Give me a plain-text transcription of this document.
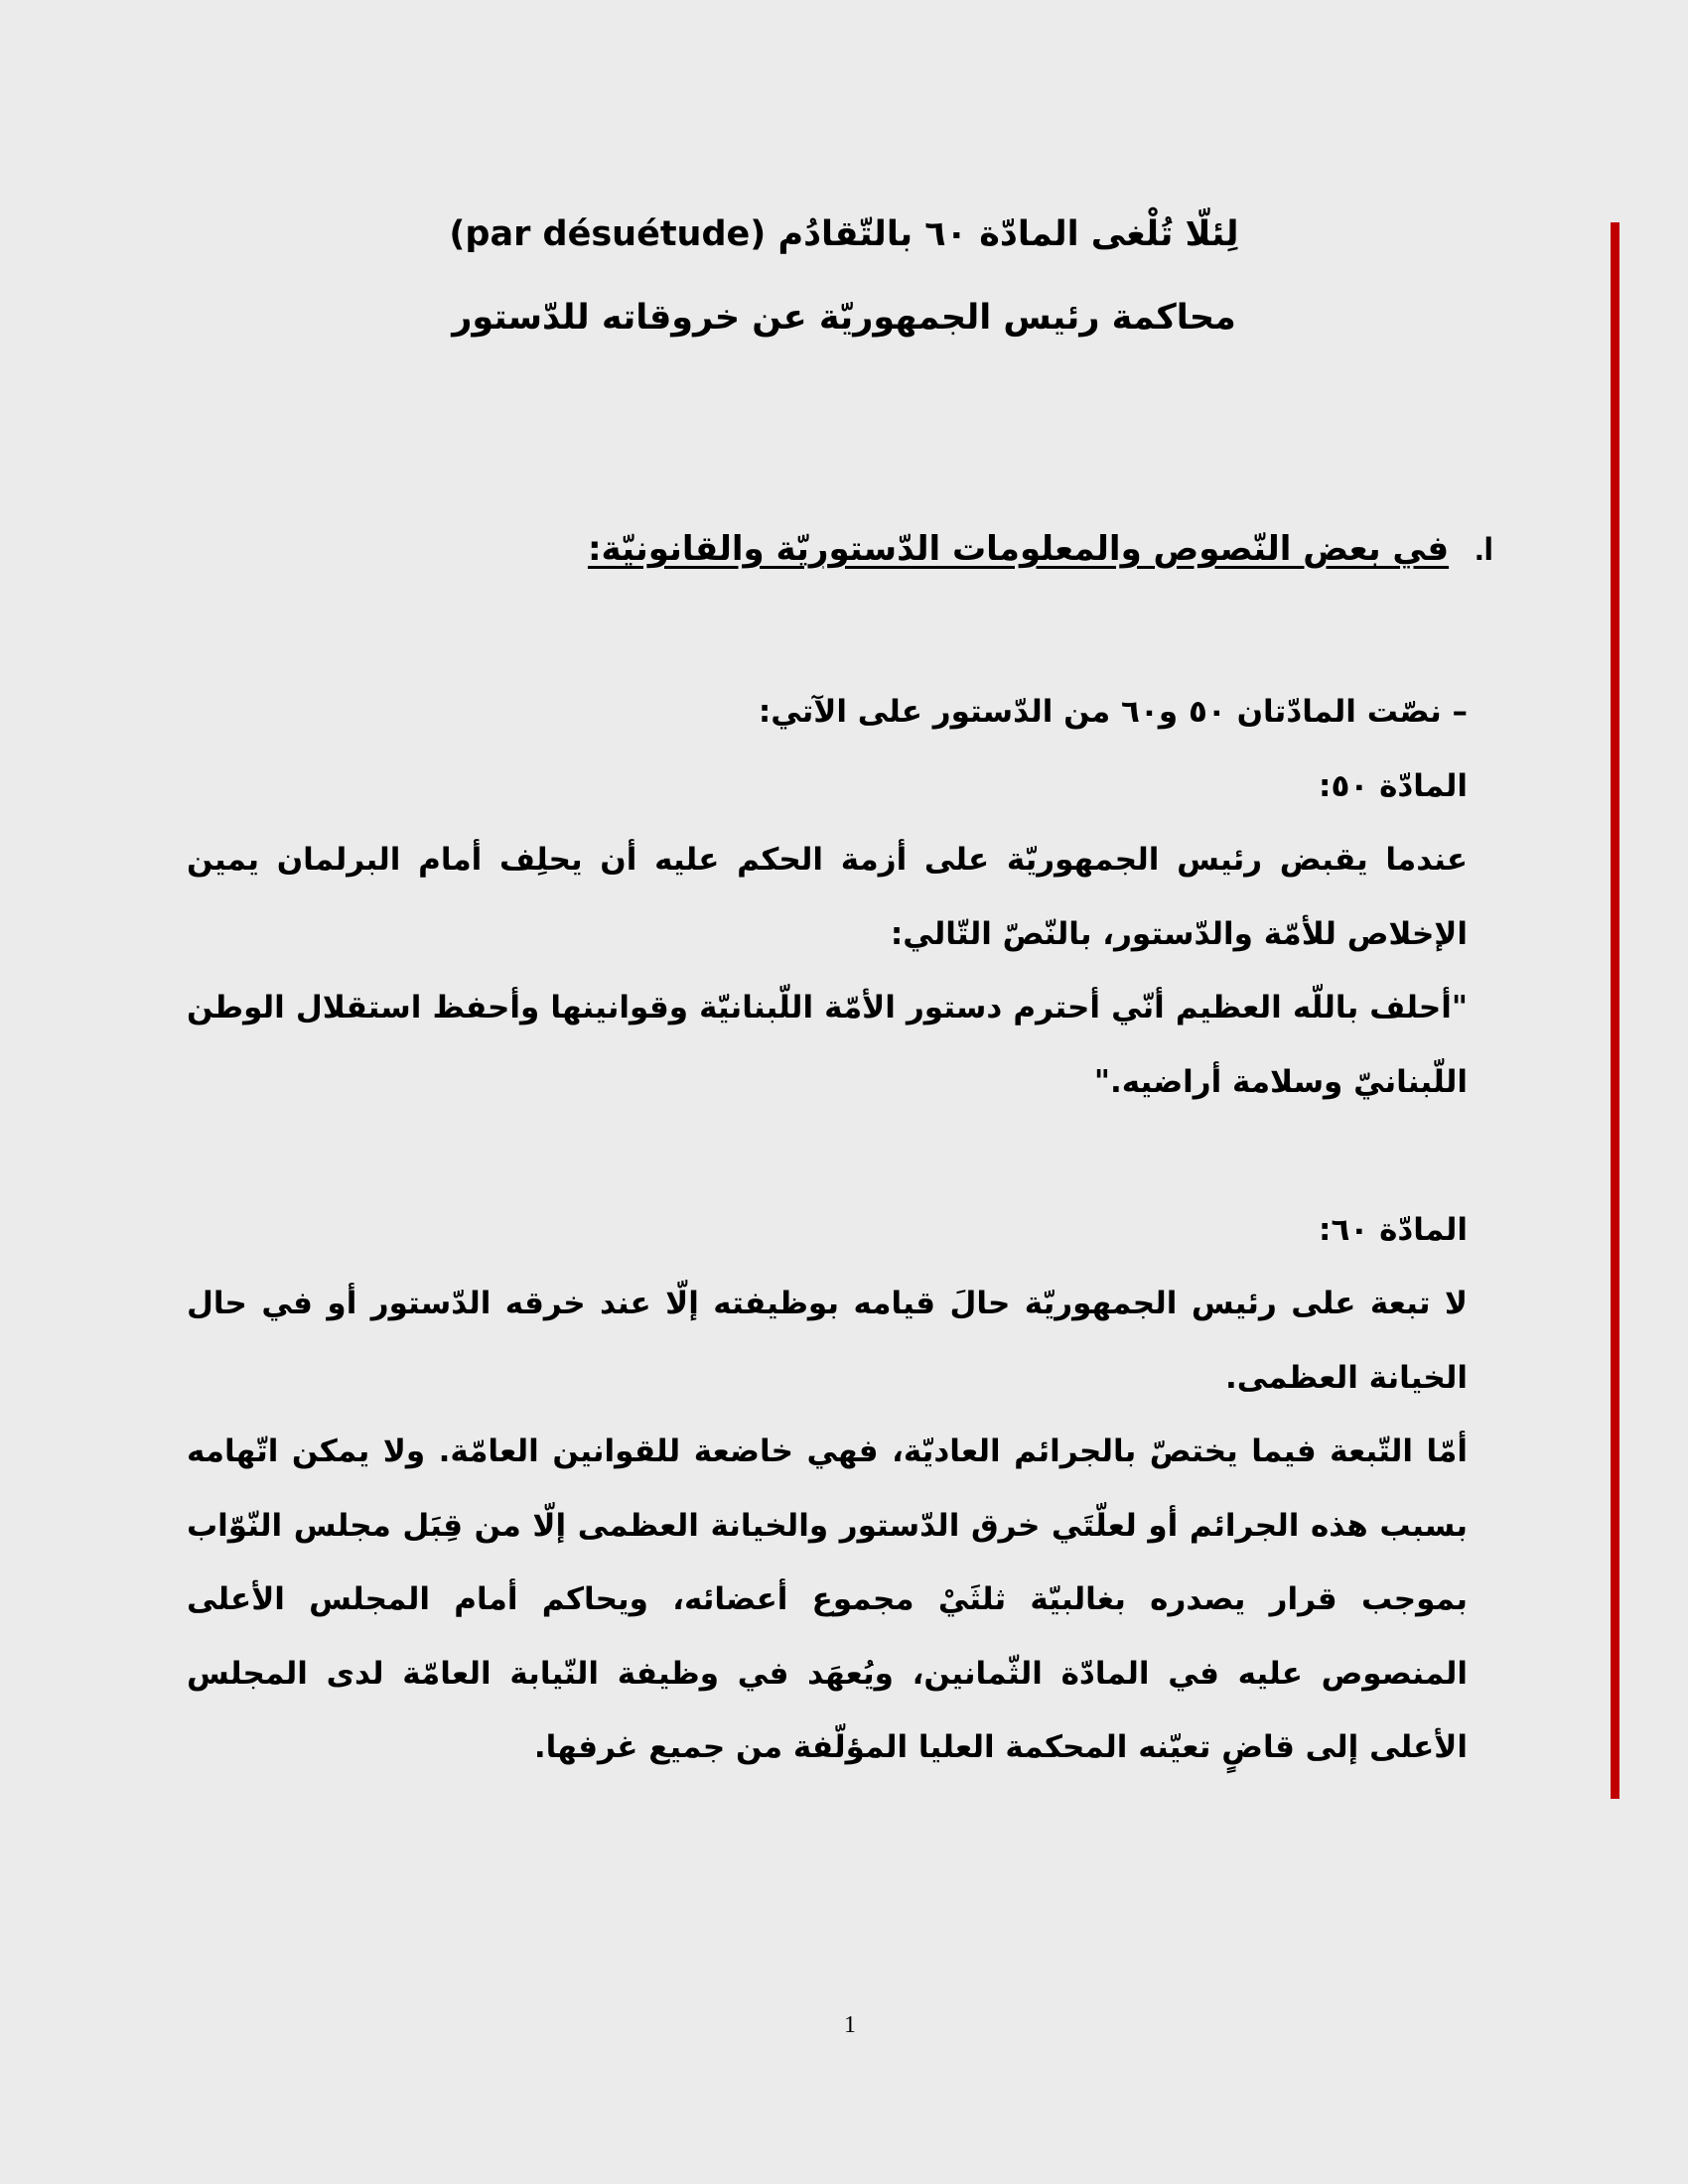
(par désuétude) لِئلّا تُلْغى المادّة ٦٠ بالتّقادُم
محاكمة رئيس الجمهوريّة عن خروقاته للدّستور
I.في بعض النّصوص والمعلومات الدّستوريّة والقانونيّة:

– نصّت المادّتان ٥٠ و٦٠ من الدّستور على الآتي:

المادّة ٥٠:

عندما يقبض رئيس الجمهوريّة على أزمة الحكم عليه أن يحلِف أمام البرلمان يمين الإخلاص للأمّة والدّستور، بالنّصّ التّالي:

"أحلف باللّه العظيم أنّي أحترم دستور الأمّة اللّبنانيّة وقوانينها وأحفظ استقلال الوطن اللّبنانيّ وسلامة أراضيه."

المادّة ٦٠:

لا تبعة على رئيس الجمهوريّة حالَ قيامه بوظيفته إلّا عند خرقه الدّستور أو في حال الخيانة العظمى.

أمّا التّبعة فيما يختصّ بالجرائم العاديّة، فهي خاضعة للقوانين العامّة. ولا يمكن اتّهامه بسبب هذه الجرائم أو لعلّتَي خرق الدّستور والخيانة العظمى إلّا من قِبَل مجلس النّوّاب بموجب قرار يصدره بغالبيّة ثلثَيْ مجموع أعضائه، ويحاكم أمام المجلس الأعلى المنصوص عليه في المادّة الثّمانين، ويُعهَد في وظيفة النّيابة العامّة لدى المجلس الأعلى إلى قاضٍ تعيّنه المحكمة العليا المؤلّفة من جميع غرفها.

1
